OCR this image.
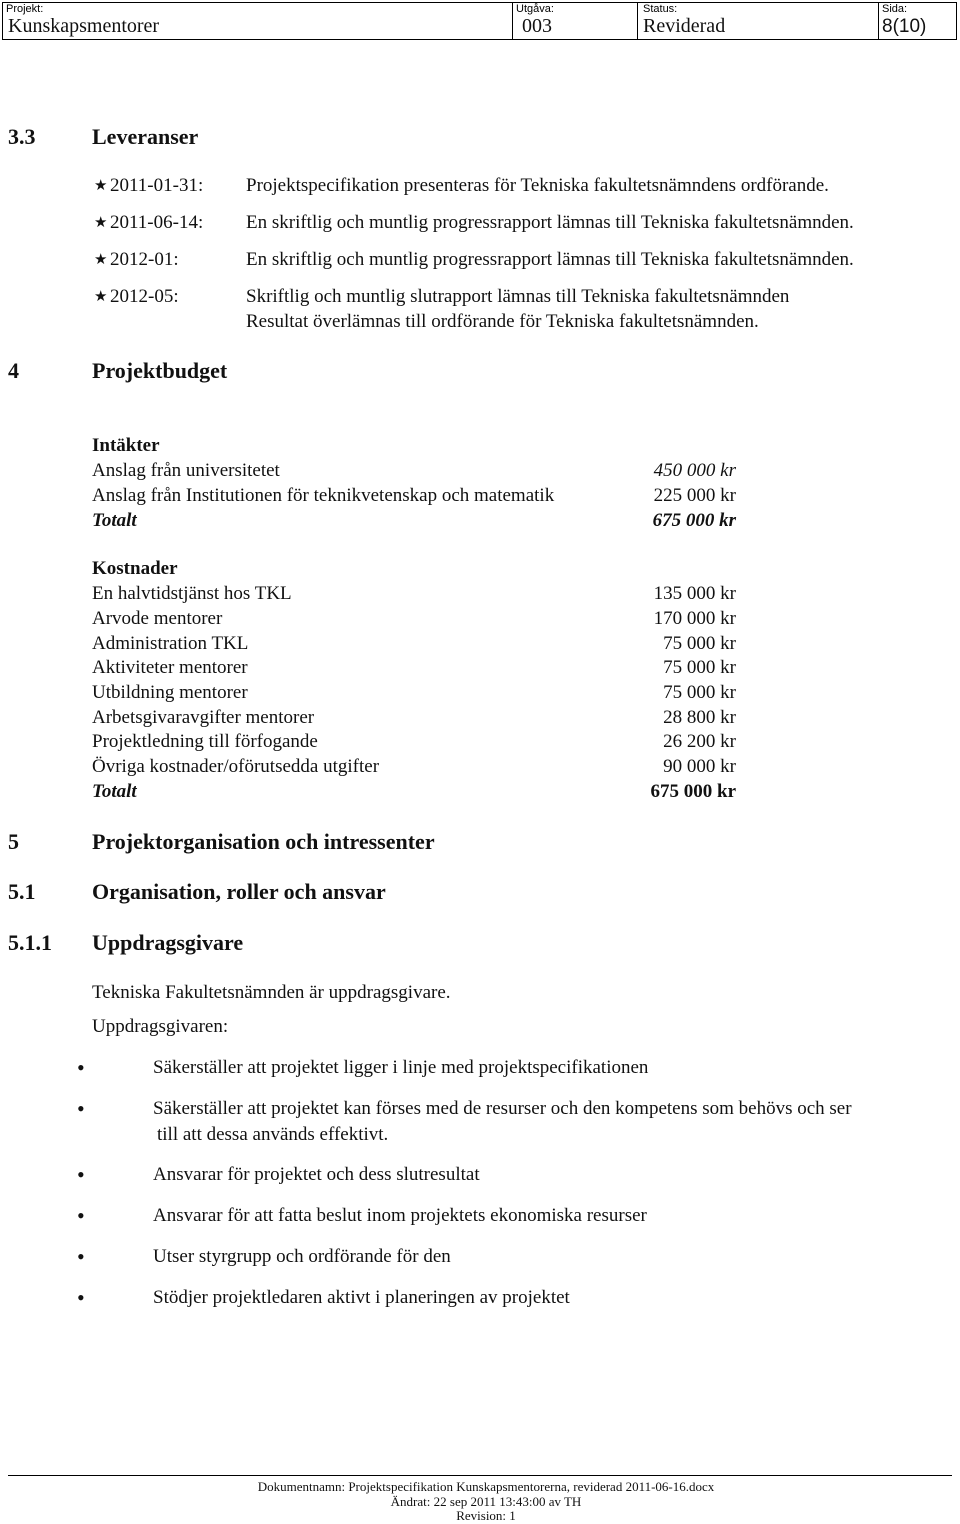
Projekt:
Kunskapsmentorer
Utgåva:
003
Status:
Reviderad
Sida:
8(10)
3.3	Leveranser
★ 2011-01-31: Projektspecifikation presenteras för Tekniska fakultetsnämndens ordförande.
★ 2011-06-14: En skriftlig och muntlig progressrapport lämnas till Tekniska fakultetsnämnden.
★ 2012-01:	En skriftlig och muntlig progressrapport lämnas till Tekniska fakultetsnämnden.
★ 2012-05:	Skriftlig och muntlig slutrapport lämnas till Tekniska fakultetsnämnden
Resultat överlämnas till ordförande för Tekniska fakultetsnämnden.
4	Projektbudget
Intäkter
Anslag från universitetet	450 000 kr
Anslag från Institutionen för teknikvetenskap och matematik	225 000 kr
Totalt	675 000 kr
Kostnader
En halvtidstjänst hos TKL	135 000 kr
Arvode mentorer	170 000 kr
Administration TKL	75 000 kr
Aktiviteter mentorer	75 000 kr
Utbildning mentorer	75 000 kr
Arbetsgivaravgifter mentorer	28 800 kr
Projektledning till förfogande	26 200 kr
Övriga kostnader/oförutsedda utgifter	90 000 kr
Totalt	675 000 kr
5	Projektorganisation och intressenter
5.1	Organisation, roller och ansvar
5.1.1 Uppdragsgivare
Tekniska Fakultetsnämnden är uppdragsgivare.
Uppdragsgivaren:
•	Säkerställer att projektet ligger i linje med projektspecifikationen
•	Säkerställer att projektet kan förses med de resurser och den kompetens som behövs och ser
till att dessa används effektivt.
•	Ansvarar för projektet och dess slutresultat
•	Ansvarar för att fatta beslut inom projektets ekonomiska resurser
•	Utser styrgrupp och ordförande för den
•	Stödjer projektledaren aktivt i planeringen av projektet
Dokumentnamn: Projektspecifikation Kunskapsmentorerna, reviderad 2011-06-16.docx
Ändrat: 22 sep 2011 13:43:00 av TH
Revision: 1
